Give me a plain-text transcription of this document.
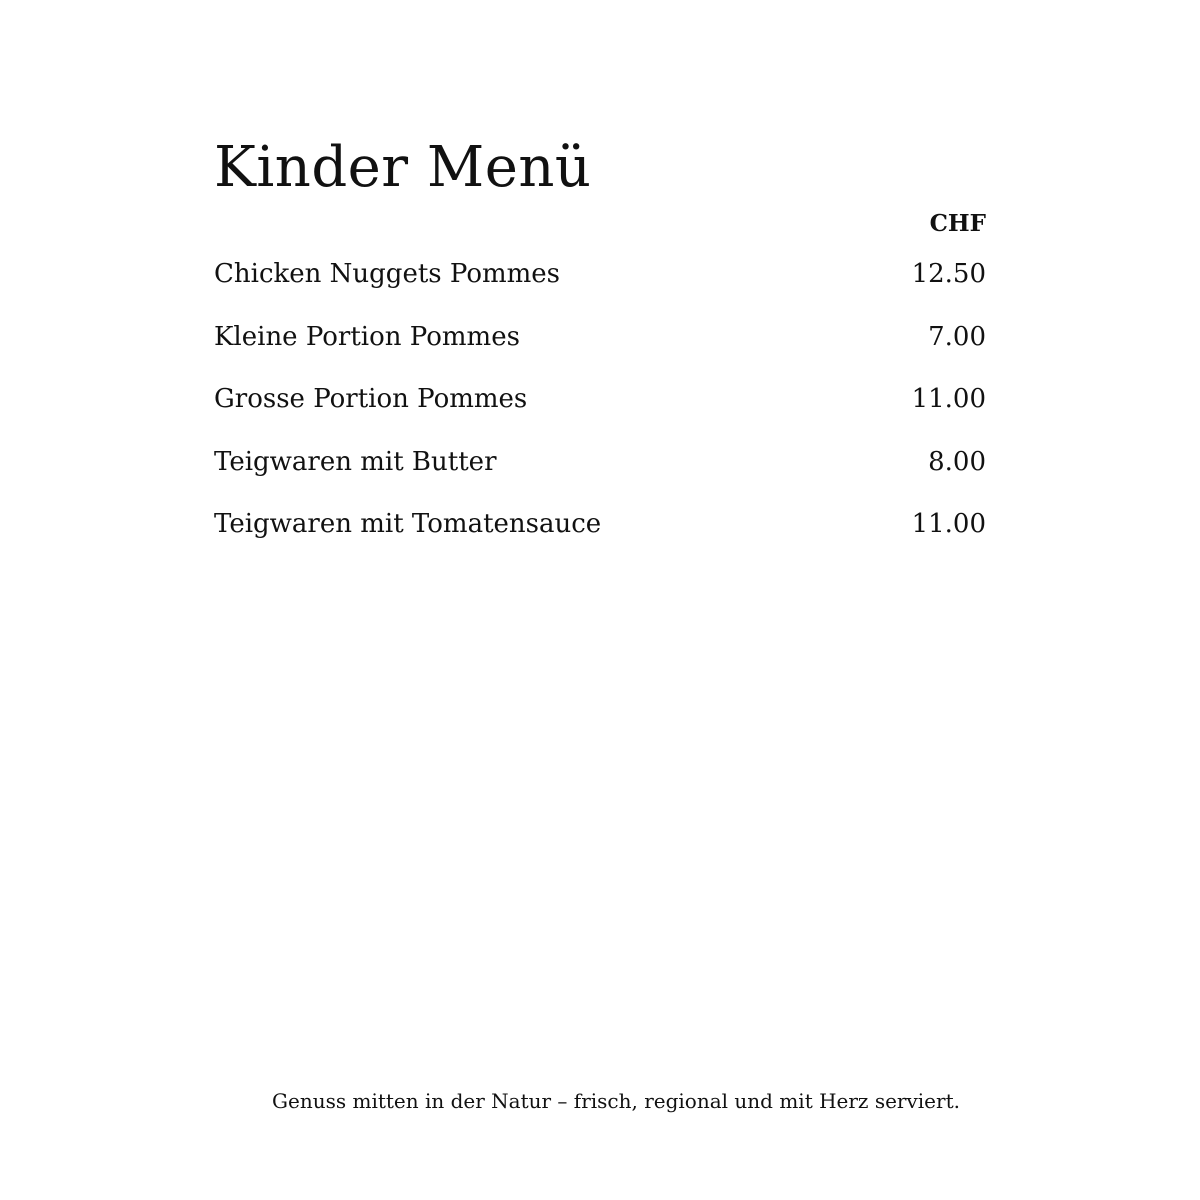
Kinder Menü
CHF
Chicken Nuggets Pommes	12.50
Kleine Portion Pommes	7.00
Grosse Portion Pommes	11.00
Teigwaren mit Butter	8.00
Teigwaren mit Tomatensauce	11.00
Genuss mitten in der Natur – frisch, regional und mit Herz serviert.
